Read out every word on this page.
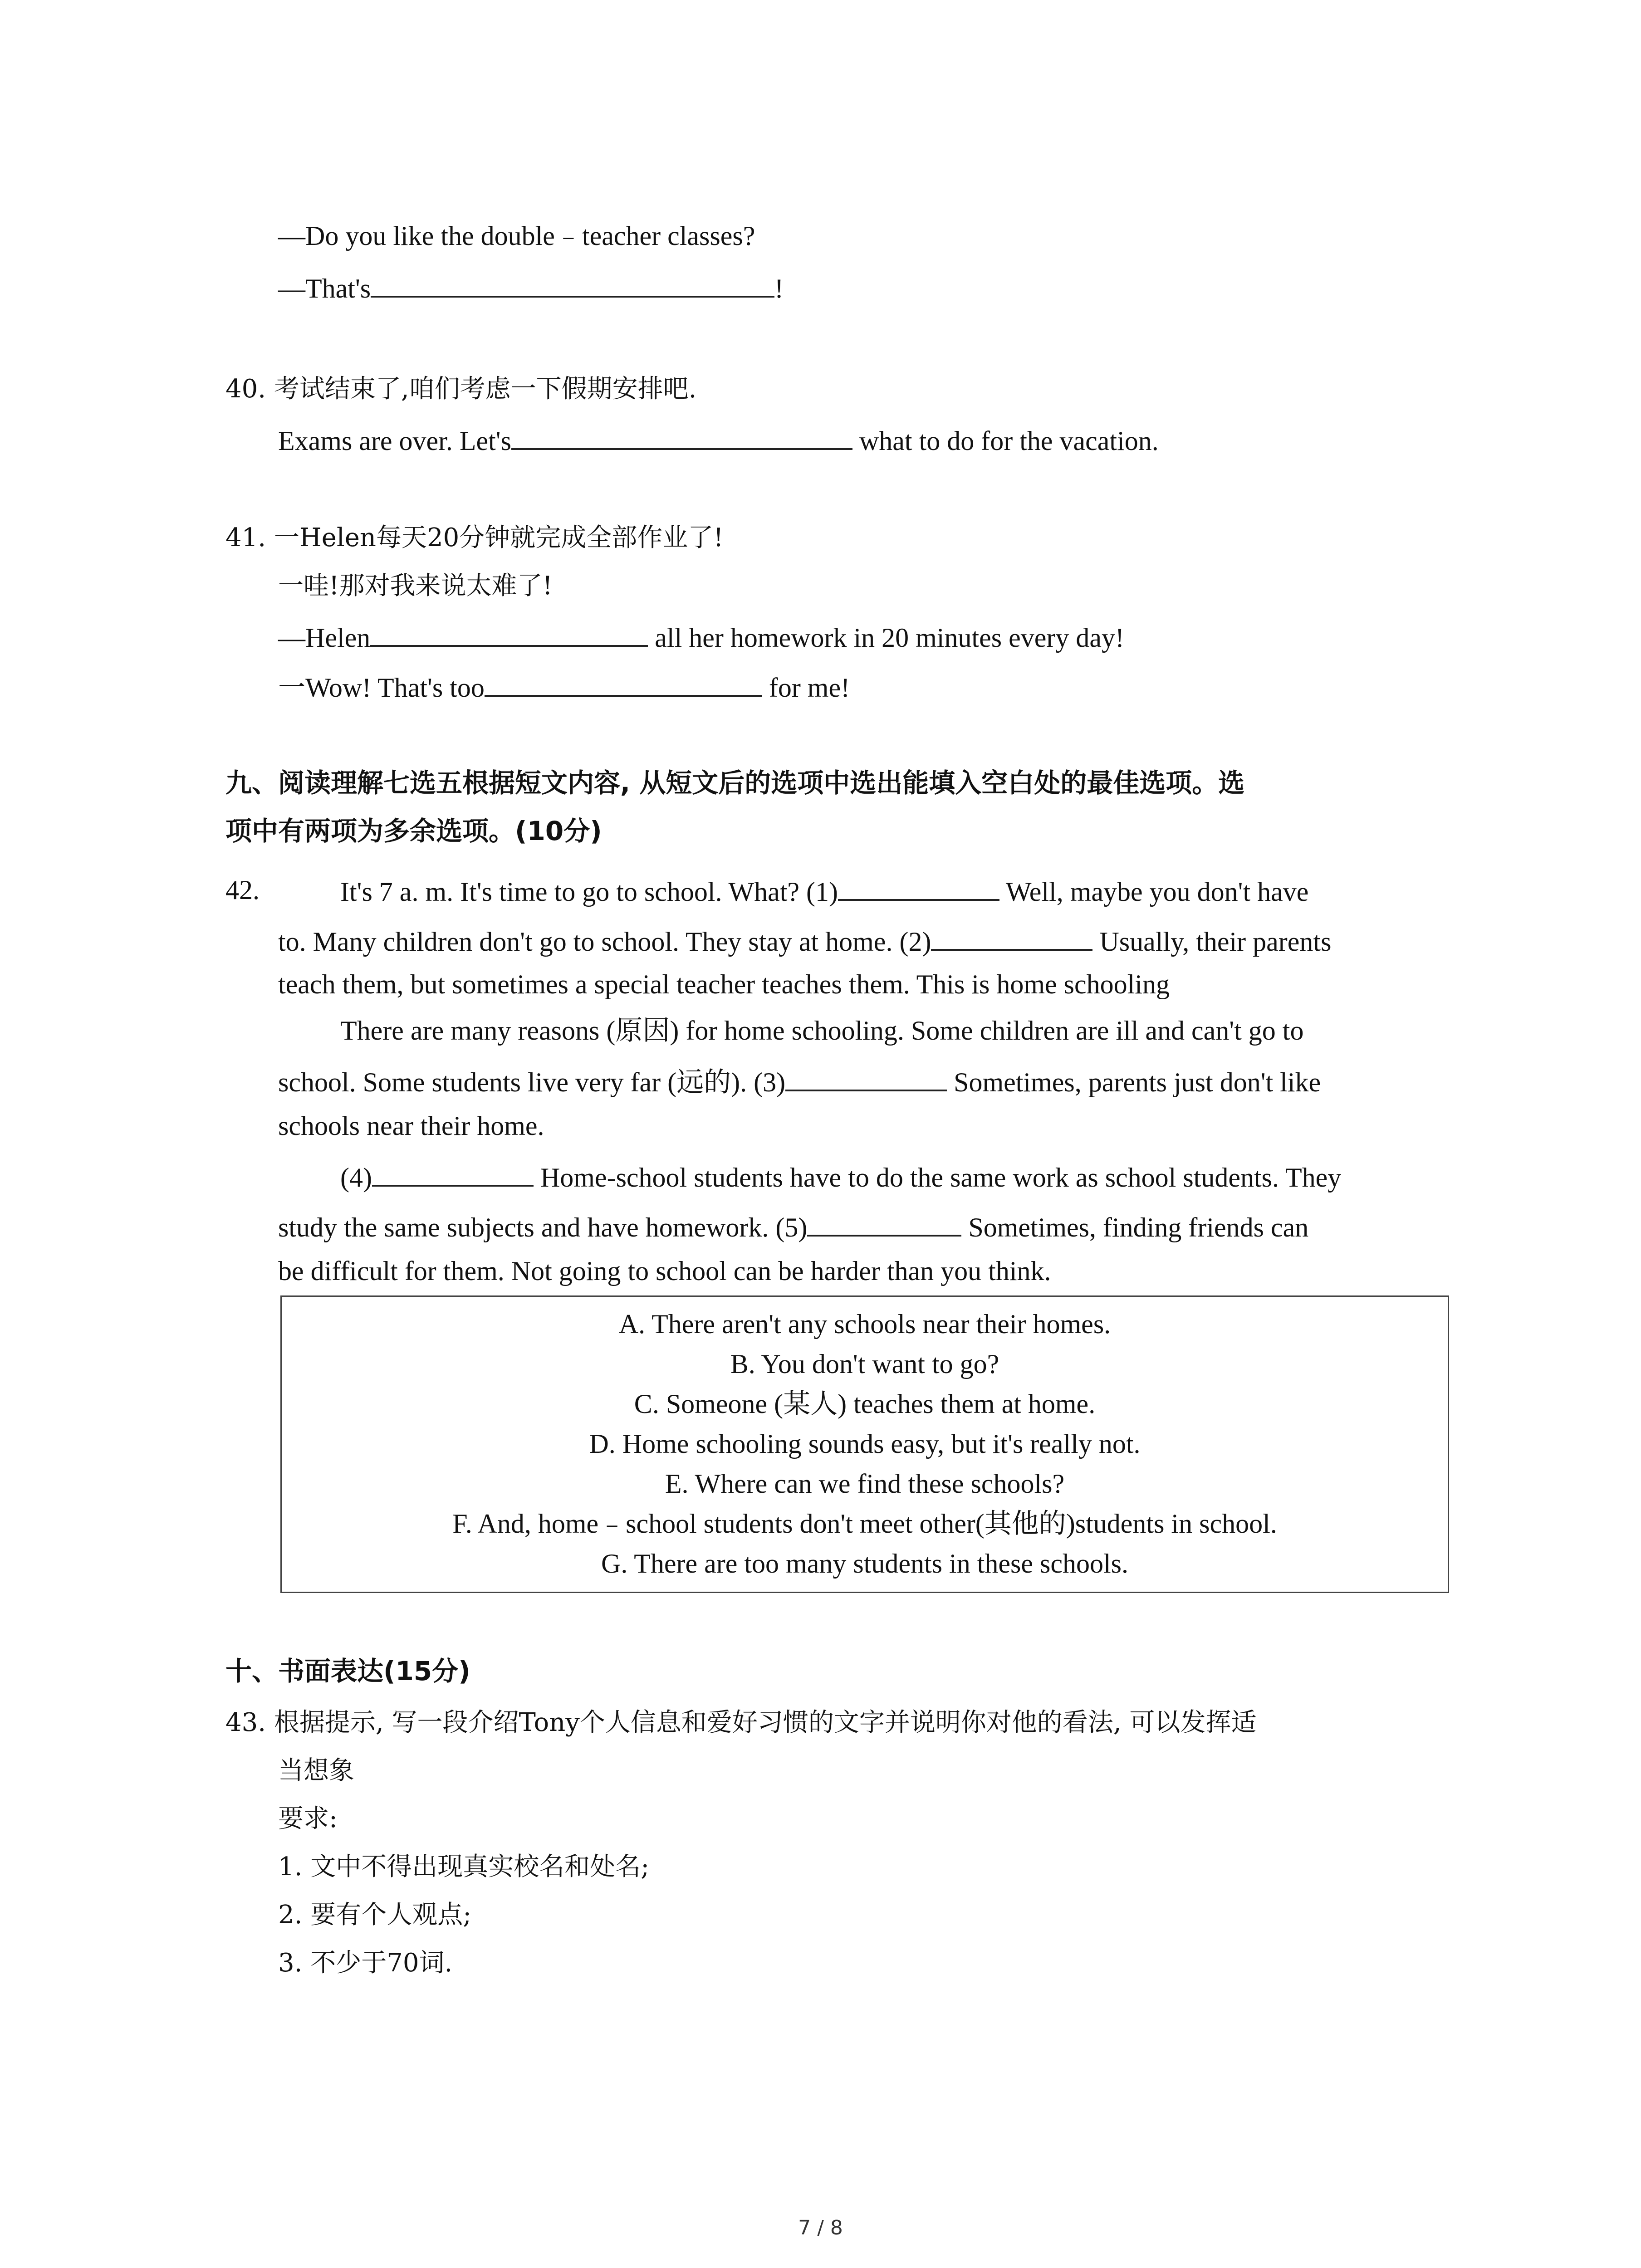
—Do you like the double﹣teacher classes?
—That's	!
40. 考试结束了,咱们考虑一下假期安排吧.
Exams are over. Let's	what to do for the vacation.
41. 一Helen每天20分钟就完成全部作业了!
一哇!那对我来说太难了!
—Helen	all her homework in 20 minutes every day!
一Wow! That's too	for me!
九、阅读理解七选五根据短文内容, 从短文后的选项中选出能填入空白处的最佳选项。选
项中有两项为多余选项。(10分)
42.	It's 7 a. m. It's time to go to school. What? (1)	Well, maybe you don't have
to. Many children don't go to school. They stay at home. (2)	Usually, their parents
teach them, but sometimes a special teacher teaches them. This is home schooling
There are many reasons (原因) for home schooling. Some children are ill and can't go to
school. Some students live very far (远的). (3)	Sometimes, parents just don't like
schools near their home.
(4)	Home-school students have to do the same work as school students. They
study the same subjects and have homework. (5)	Sometimes, finding friends can
be difficult for them. Not going to school can be harder than you think.
A. There aren't any schools near their homes.
B. You don't want to go?
C. Someone (某人) teaches them at home.
D. Home schooling sounds easy, but it's really not.
E. Where can we find these schools?
F. And, home﹣school students don't meet other(其他的)students in school.
G. There are too many students in these schools.
十、书面表达(15分)
43. 根据提示, 写一段介绍Tony个人信息和爱好习惯的文字并说明你对他的看法, 可以发挥适
当想象
要求:
1. 文中不得出现真实校名和处名;
2. 要有个人观点;
3. 不少于70词.
7 / 8
